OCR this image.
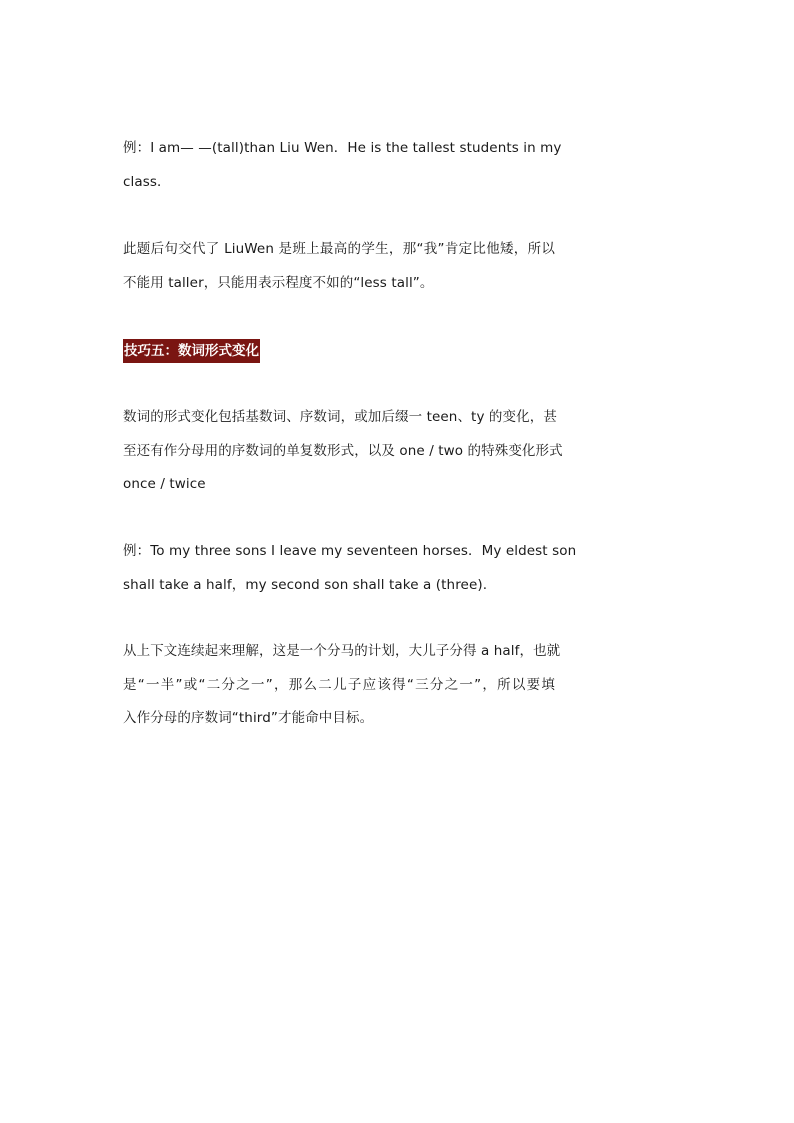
例：I am— —(tall)than Liu Wen．He is the tallest students in my
class．
此题后句交代了 LiuWen 是班上最高的学生，那“我”肯定比他矮，所以
不能用 taller，只能用表示程度不如的“less tall”。
技巧五：数词形式变化
数词的形式变化包括基数词、序数词，或加后缀一 teen、ty 的变化，甚
至还有作分母用的序数词的单复数形式，以及 one / two 的特殊变化形式
once / twice
例：To my three sons I leave my seventeen horses．My eldest son
shall take a half，my second son shall take a (three).
从上下文连续起来理解，这是一个分马的计划，大儿子分得 a half，也就
是“一半”或“二分之一”，那么二儿子应该得“三分之一”，所以要填
入作分母的序数词“third”才能命中目标。
